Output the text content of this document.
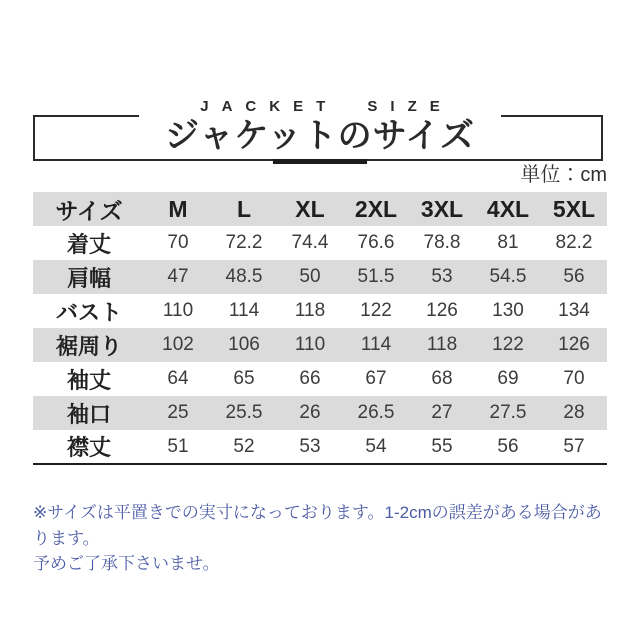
JACKET SIZE
ジャケットのサイズ
単位：cm
サイズ	M	L	XL	2XL	3XL	4XL	5XL
着丈	70	72.2	74.4	76.6	78.8	81	82.2
肩幅	47	48.5	50	51.5	53	54.5	56
バスト	110	114	118	122	126	130	134
裾周り	102	106	110	114	118	122	126
袖丈	64	65	66	67	68	69	70
袖口	25	25.5	26	26.5	27	27.5	28
襟丈	51	52	53	54	55	56	57
※サイズは平置きでの実寸になっております。1-2cmの誤差がある場合があります。
予めご了承下さいませ。
